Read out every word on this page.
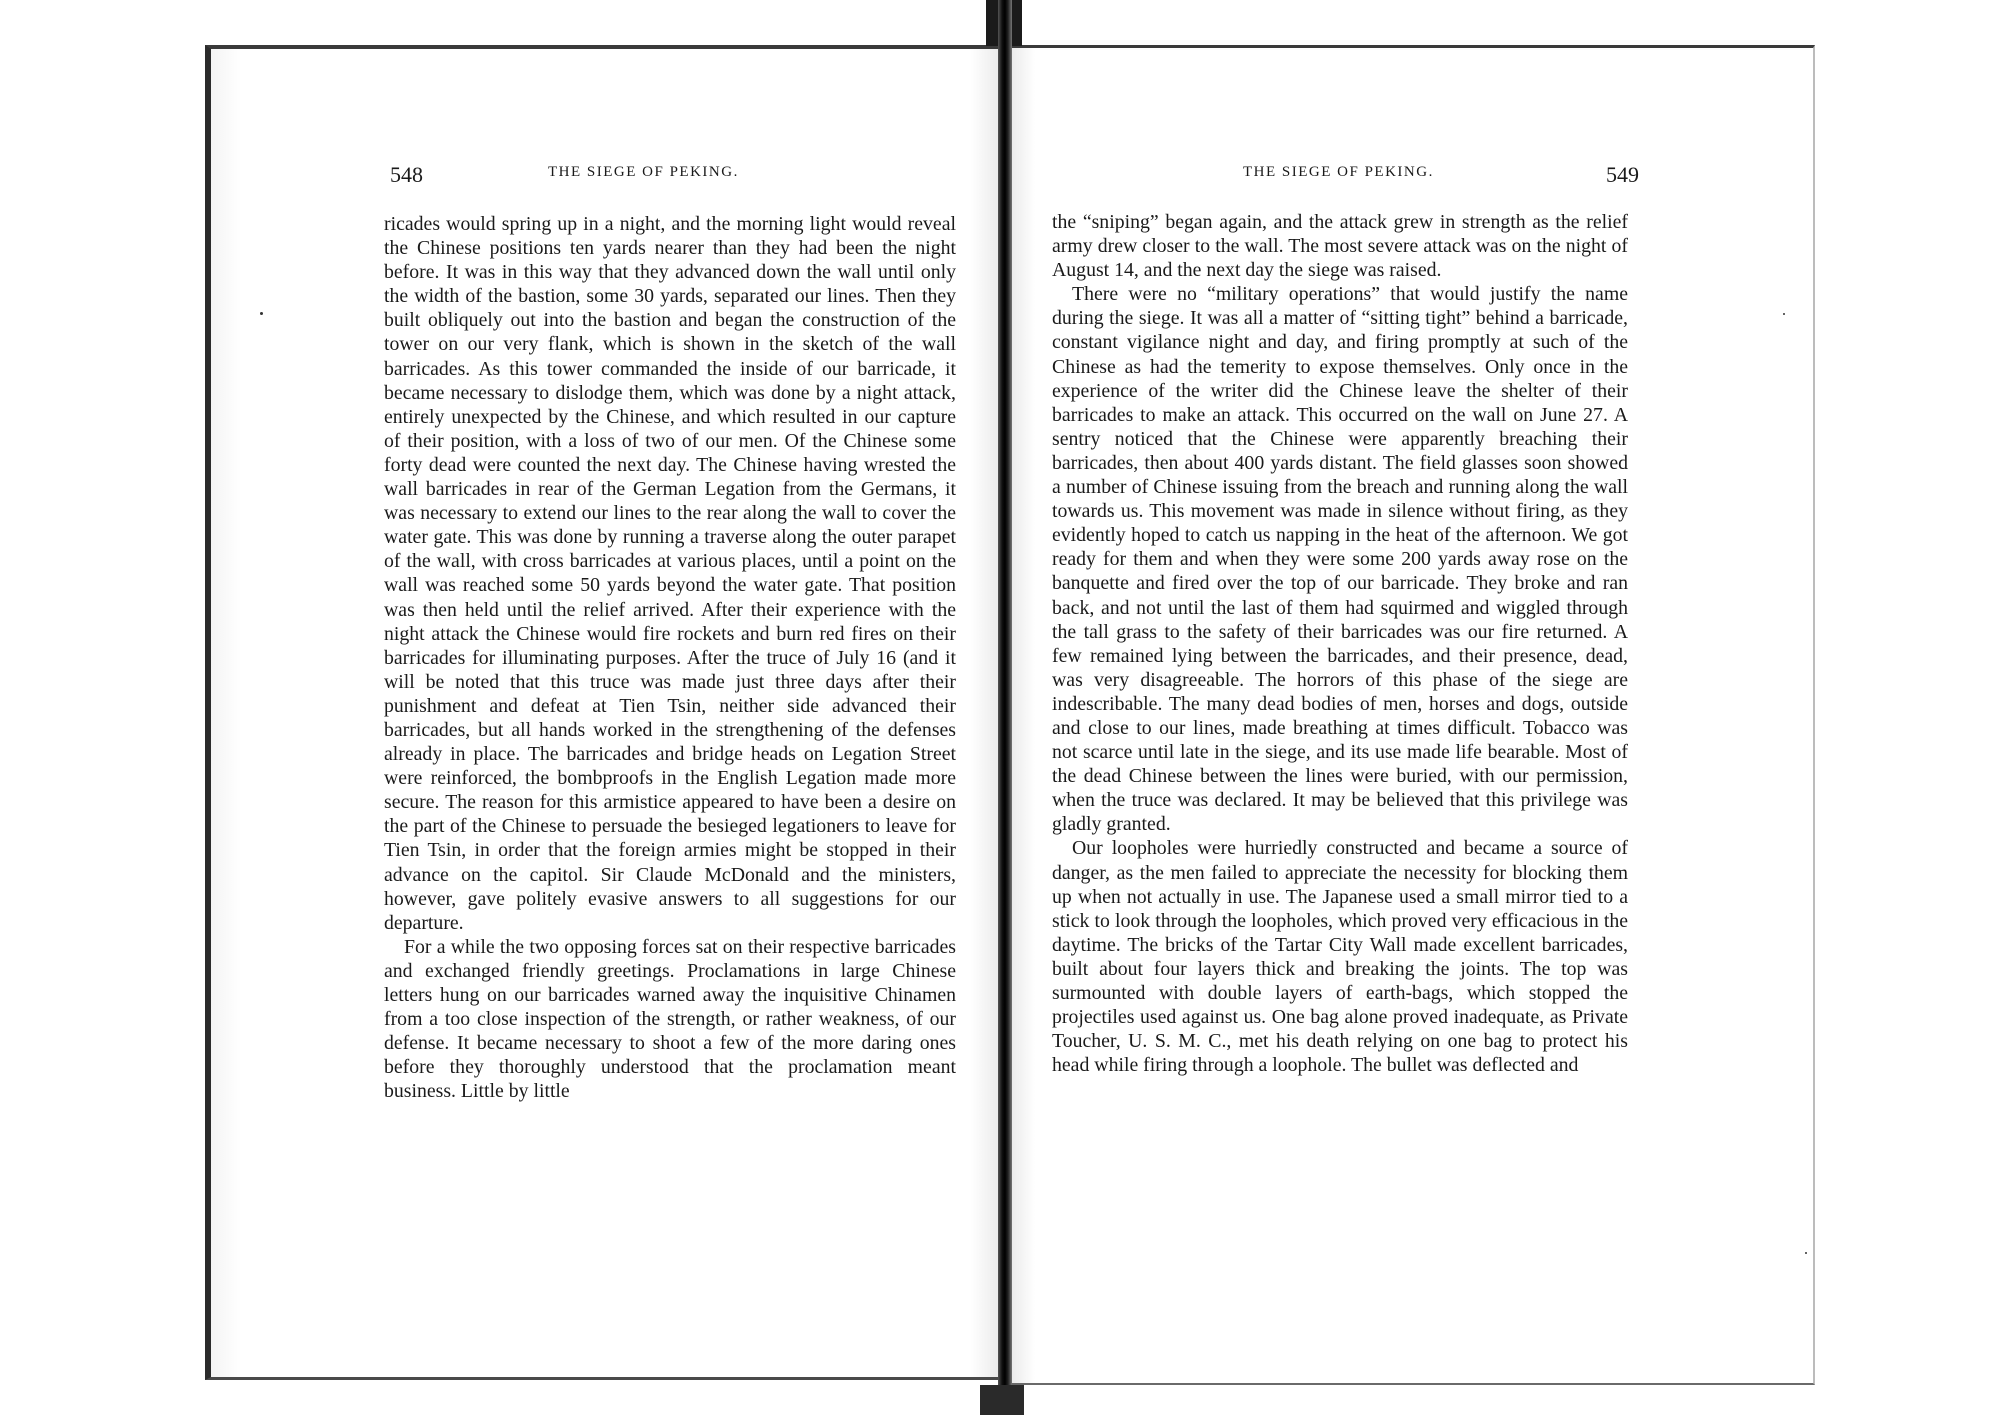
548	THE SIEGE OF PEKING.	THE SIEGE OF PEKING.	549

ricades would spring up in a night, and the morning light would reveal the Chinese positions ten yards nearer than they had been the night before. It was in this way that they advanced down the wall until only the width of the bastion, some 30 yards, separated our lines. Then they built obliquely out into the bastion and began the construction of the tower on our very flank, which is shown in the sketch of the wall barricades. As this tower commanded the inside of our barricade, it became necessary to dislodge them, which was done by a night attack, entirely unexpected by the Chinese, and which resulted in our capture of their position, with a loss of two of our men. Of the Chinese some forty dead were counted the next day. The Chinese having wrested the wall barricades in rear of the German Legation from the Germans, it was necessary to extend our lines to the rear along the wall to cover the water gate. This was done by running a traverse along the outer parapet of the wall, with cross barricades at various places, until a point on the wall was reached some 50 yards beyond the water gate. That position was then held until the relief arrived. After their experience with the night attack the Chinese would fire rockets and burn red fires on their barricades for illuminating purposes. After the truce of July 16 (and it will be noted that this truce was made just three days after their punishment and defeat at Tien Tsin, neither side advanced their barricades, but all hands worked in the strengthening of the defenses already in place. The barricades and bridge heads on Legation Street were reinforced, the bombproofs in the English Legation made more secure. The reason for this armistice appeared to have been a desire on the part of the Chinese to persuade the besieged legationers to leave for Tien Tsin, in order that the foreign armies might be stopped in their advance on the capitol. Sir Claude McDonald and the ministers, however, gave politely evasive answers to all suggestions for our departure.

For a while the two opposing forces sat on their respective barricades and exchanged friendly greetings. Proclamations in large Chinese letters hung on our barricades warned away the inquisitive Chinamen from a too close inspection of the strength, or rather weakness, of our defense. It became necessary to shoot a few of the more daring ones before they thoroughly understood that the proclamation meant business. Little by little

the “sniping” began again, and the attack grew in strength as the relief army drew closer to the wall. The most severe attack was on the night of August 14, and the next day the siege was raised.

There were no “military operations” that would justify the name during the siege. It was all a matter of “sitting tight” behind a barricade, constant vigilance night and day, and firing promptly at such of the Chinese as had the temerity to expose themselves. Only once in the experience of the writer did the Chinese leave the shelter of their barricades to make an attack. This occurred on the wall on June 27. A sentry noticed that the Chinese were apparently breaching their barricades, then about 400 yards distant. The field glasses soon showed a number of Chinese issuing from the breach and running along the wall towards us. This movement was made in silence without firing, as they evidently hoped to catch us napping in the heat of the afternoon. We got ready for them and when they were some 200 yards away rose on the banquette and fired over the top of our barricade. They broke and ran back, and not until the last of them had squirmed and wiggled through the tall grass to the safety of their barricades was our fire returned. A few remained lying between the barricades, and their presence, dead, was very disagreeable. The horrors of this phase of the siege are indescribable. The many dead bodies of men, horses and dogs, outside and close to our lines, made breathing at times difficult. Tobacco was not scarce until late in the siege, and its use made life bearable. Most of the dead Chinese between the lines were buried, with our permission, when the truce was declared. It may be believed that this privilege was gladly granted.

Our loopholes were hurriedly constructed and became a source of danger, as the men failed to appreciate the necessity for blocking them up when not actually in use. The Japanese used a small mirror tied to a stick to look through the loopholes, which proved very efficacious in the daytime. The bricks of the Tartar City Wall made excellent barricades, built about four layers thick and breaking the joints. The top was surmounted with double layers of earth-bags, which stopped the projectiles used against us. One bag alone proved inadequate, as Private Toucher, U. S. M. C., met his death relying on one bag to protect his head while firing through a loophole. The bullet was deflected and
